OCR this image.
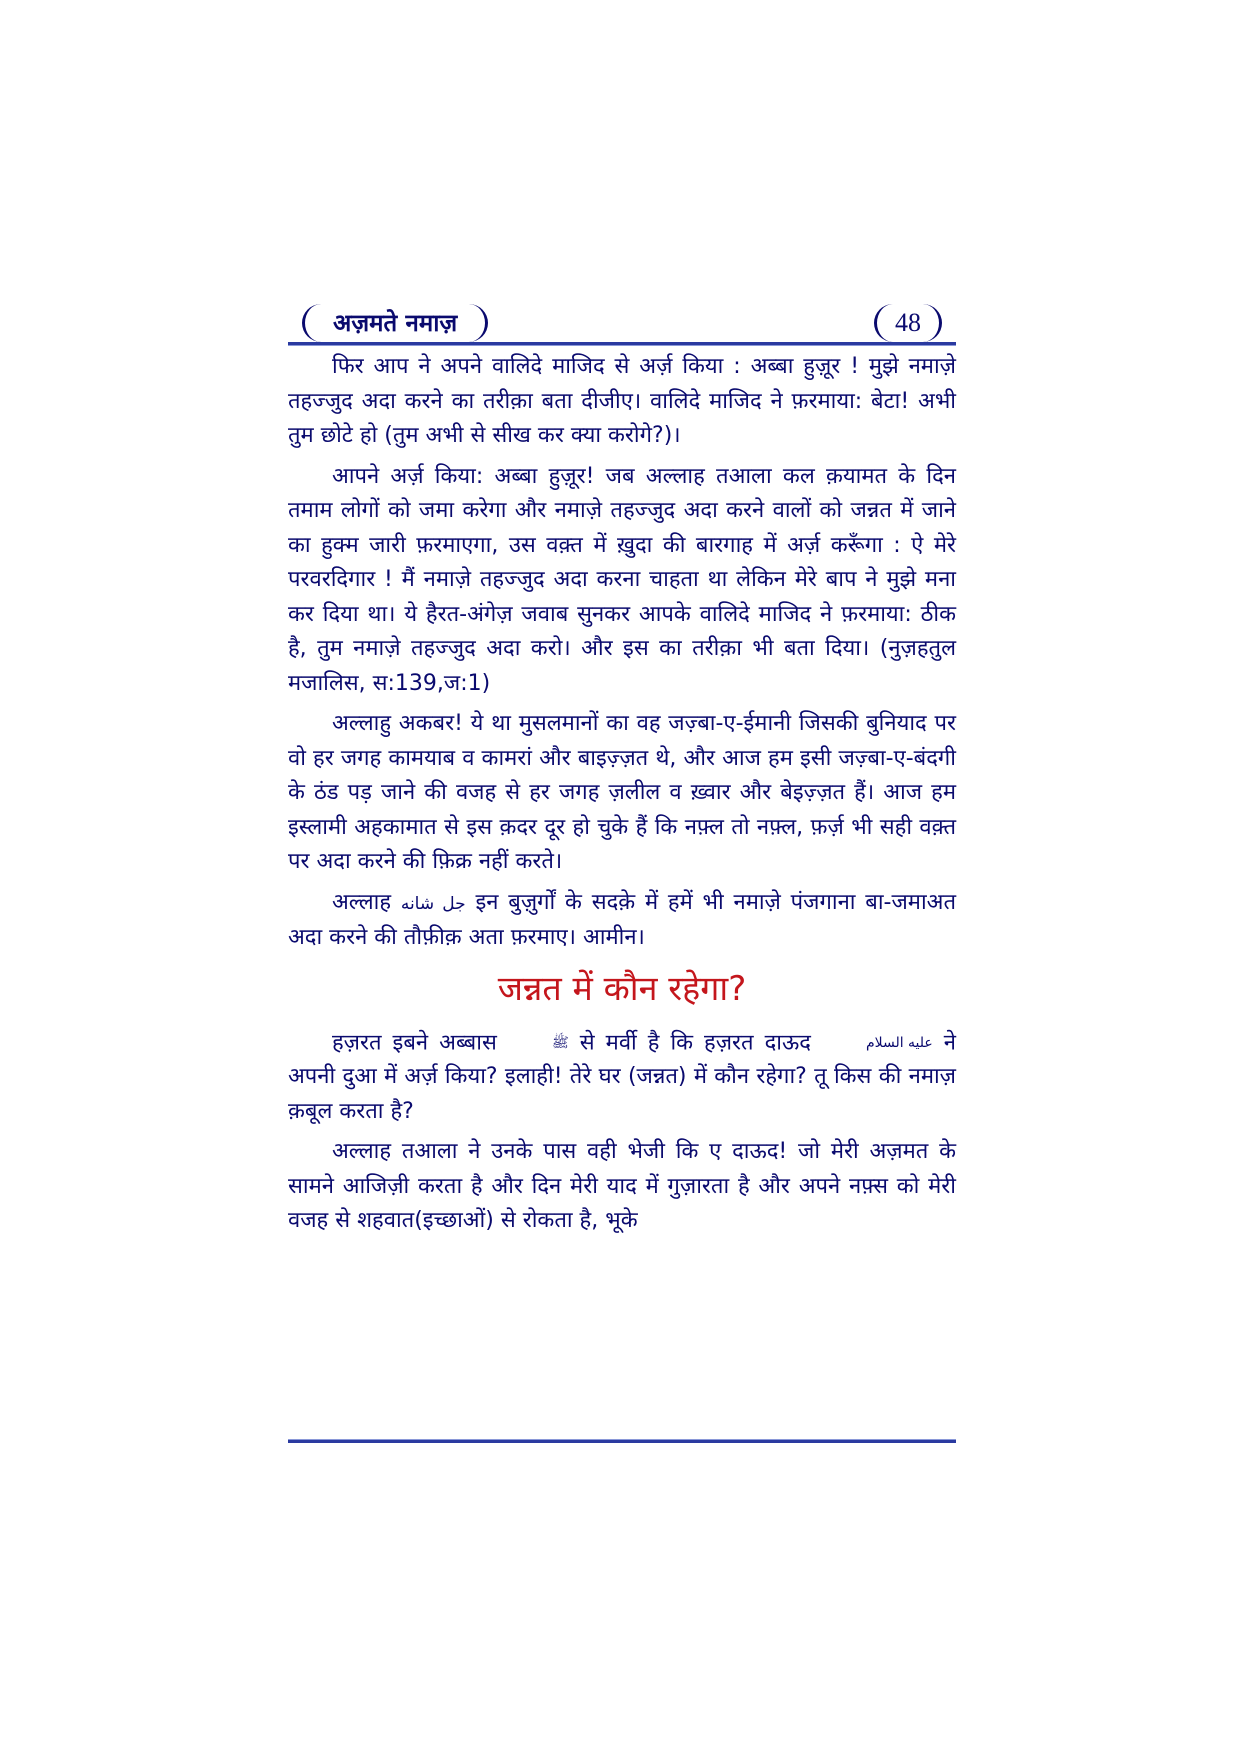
अज़मते नमाज़	48

फिर आप ने अपने वालिदे माजिद से अर्ज़ किया : अब्बा हुज़ूर ! मुझे नमाज़े तहज्जुद अदा करने का तरीक़ा बता दीजीए। वालिदे माजिद ने फ़रमाया: बेटा! अभी तुम छोटे हो (तुम अभी से सीख कर क्या करोगे?)।

आपने अर्ज़ किया: अब्बा हुज़ूर! जब अल्लाह तआला कल क़यामत के दिन तमाम लोगों को जमा करेगा और नमाज़े तहज्जुद अदा करने वालों को जन्नत में जाने का हुक्म जारी फ़रमाएगा, उस वक़्त में ख़ुदा की बारगाह में अर्ज़ करूँगा : ऐ मेरे परवरदिगार ! मैं नमाज़े तहज्जुद अदा करना चाहता था लेकिन मेरे बाप ने मुझे मना कर दिया था। ये हैरत-अंगेज़ जवाब सुनकर आपके वालिदे माजिद ने फ़रमाया: ठीक है, तुम नमाज़े तहज्जुद अदा करो। और इस का तरीक़ा भी बता दिया। (नुज़हतुल मजालिस, स:139,ज:1)

अल्लाहु अकबर! ये था मुसलमानों का वह जज़्बा-ए-ईमानी जिसकी बुनियाद पर वो हर जगह कामयाब व कामरां और बाइज़्ज़त थे, और आज हम इसी जज़्बा-ए-बंदगी के ठंड पड़ जाने की वजह से हर जगह ज़लील व ख़्वार और बेइज़्ज़त हैं। आज हम इस्लामी अहकामात से इस क़दर दूर हो चुके हैं कि नफ़्ल तो नफ़्ल, फ़र्ज़ भी सही वक़्त पर अदा करने की फ़िक्र नहीं करते।

अल्लाह جل شانه इन बुज़ुर्गों के सदक़े में हमें भी नमाज़े पंजगाना बा-जमाअत अदा करने की तौफ़ीक़ अता फ़रमाए। आमीन।

जन्नत में कौन रहेगा?

हज़रत इबने अब्बास	ﷺ से मर्वी है कि हज़रत दाऊद	عليه السلام ने अपनी दुआ में अर्ज़ किया? इलाही! तेरे घर (जन्नत) में कौन रहेगा? तू किस की नमाज़ क़बूल करता है?

अल्लाह तआला ने उनके पास वही भेजी कि ए दाऊद! जो मेरी अज़मत के सामने आजिज़ी करता है और दिन मेरी याद में गुज़ारता है और अपने नफ़्स को मेरी वजह से शहवात(इच्छाओं) से रोकता है, भूके
